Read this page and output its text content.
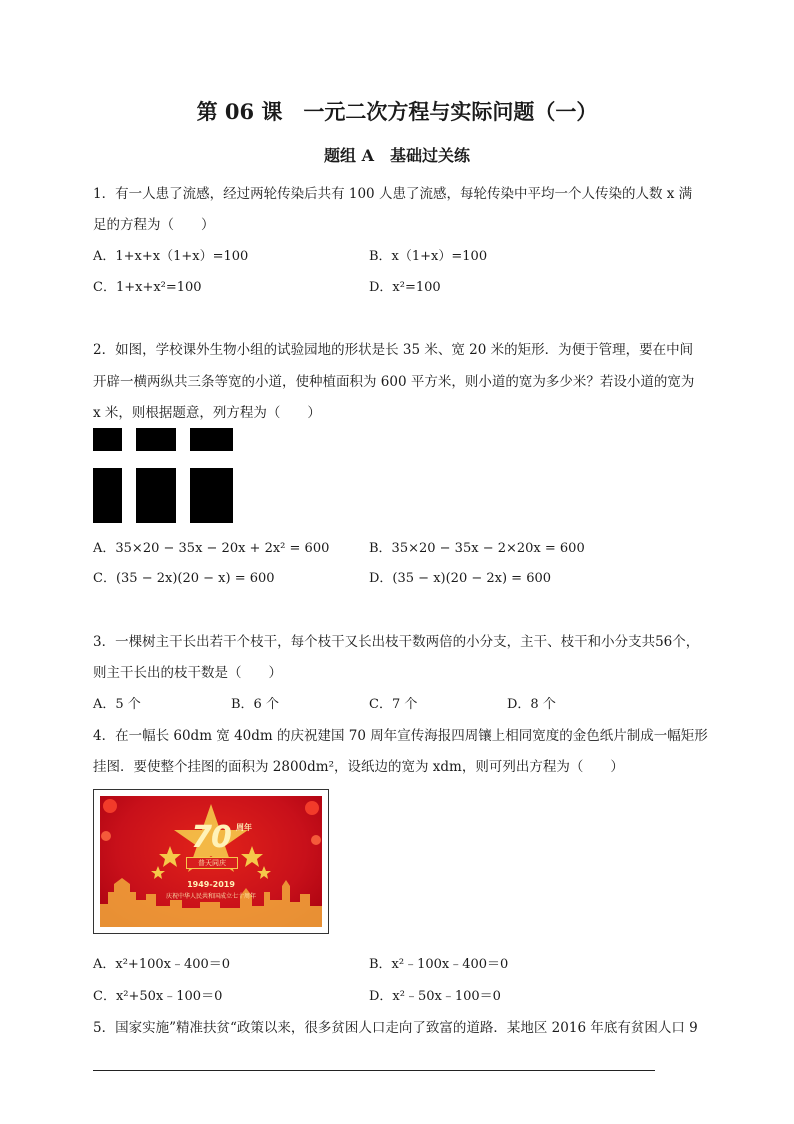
第 06 课　一元二次方程与实际问题（一）
题组 A　基础过关练
1．有一人患了流感，经过两轮传染后共有 100 人患了流感，每轮传染中平均一个人传染的人数 x 满
足的方程为（　　）
A．1+x+x（1+x）=100	B．x（1+x）=100
C．1+x+x²=100	D．x²=100
2．如图，学校课外生物小组的试验园地的形状是长 35 米、宽 20 米的矩形．为便于管理，要在中间
开辟一横两纵共三条等宽的小道，使种植面积为 600 平方米，则小道的宽为多少米？若设小道的宽为
x 米，则根据题意，列方程为（　　）
A．35×20 − 35x − 20x + 2x² = 600	B．35×20 − 35x − 2×20x = 600
C．(35 − 2x)(20 − x) = 600	D．(35 − x)(20 − 2x) = 600
3．一棵树主干长出若干个枝干，每个枝干又长出枝干数两倍的小分支，主干、枝干和小分支共56个，
则主干长出的枝干数是（　　）
A．5 个	B．6 个	C．7 个	D．8 个
4．在一幅长 60dm 宽 40dm 的庆祝建国 70 周年宣传海报四周镶上相同宽度的金色纸片制成一幅矩形
挂图．要使整个挂图的面积为 2800dm²，设纸边的宽为 xdm，则可列出方程为（　　）
70 周年
普天同庆
1949-2019
庆祝中华人民共和国成立七十周年
A．x²+100x﹣400＝0	B．x²﹣100x﹣400＝0
C．x²+50x﹣100＝0	D．x²﹣50x﹣100＝0
5．国家实施”精准扶贫“政策以来，很多贫困人口走向了致富的道路．某地区 2016 年底有贫困人口 9
